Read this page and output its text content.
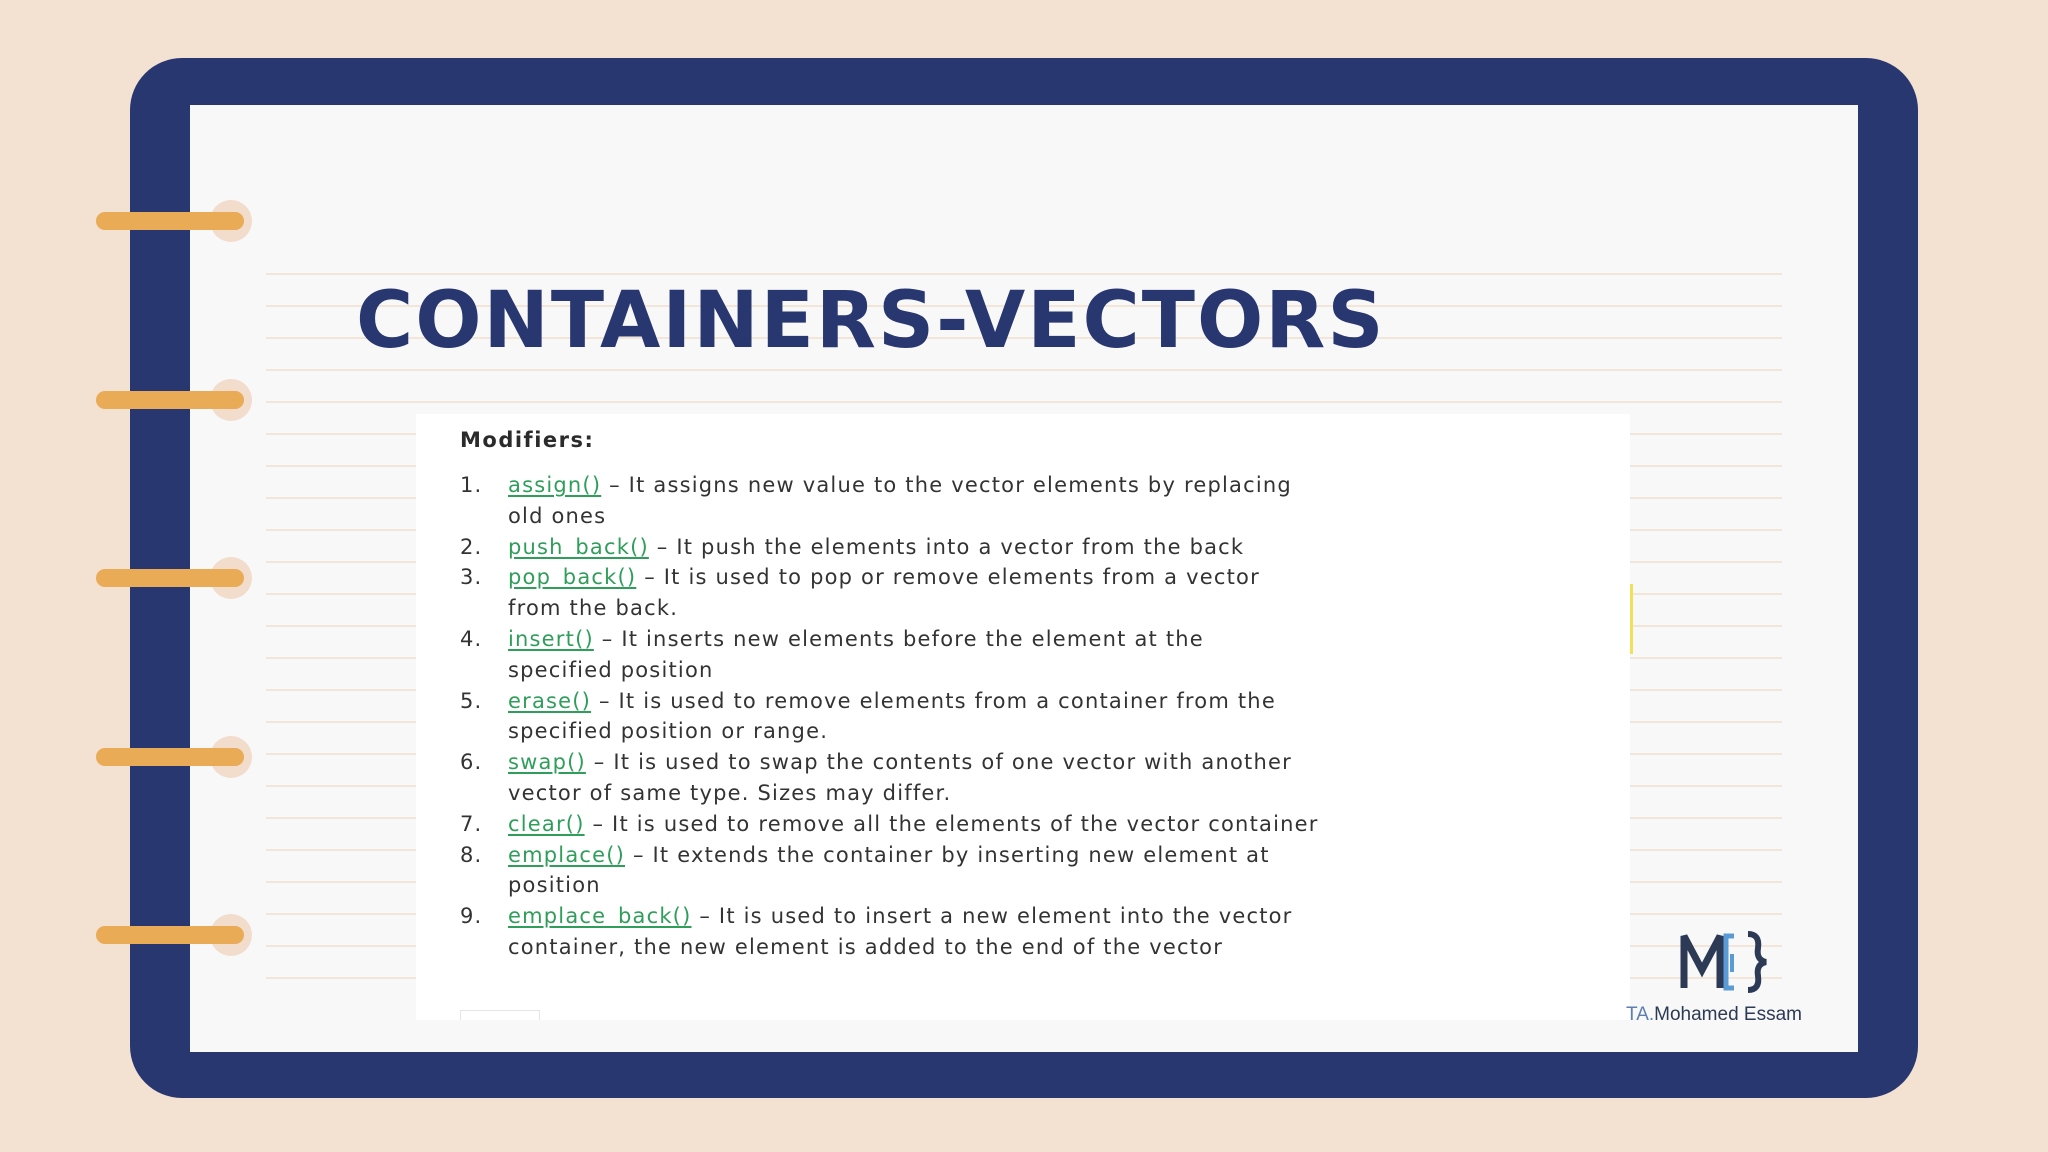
CONTAINERS-VECTORS
Modifiers:
1. assign() – It assigns new value to the vector elements by replacing
old ones
2. push_back() – It push the elements into a vector from the back
3. pop_back() – It is used to pop or remove elements from a vector
from the back.
4. insert() – It inserts new elements before the element at the
specified position
5. erase() – It is used to remove elements from a container from the
specified position or range.
6. swap() – It is used to swap the contents of one vector with another
vector of same type. Sizes may differ.
7. clear() – It is used to remove all the elements of the vector container
8. emplace() – It extends the container by inserting new element at
position
9. emplace_back() – It is used to insert a new element into the vector
container, the new element is added to the end of the vector
TA.Mohamed Essam
